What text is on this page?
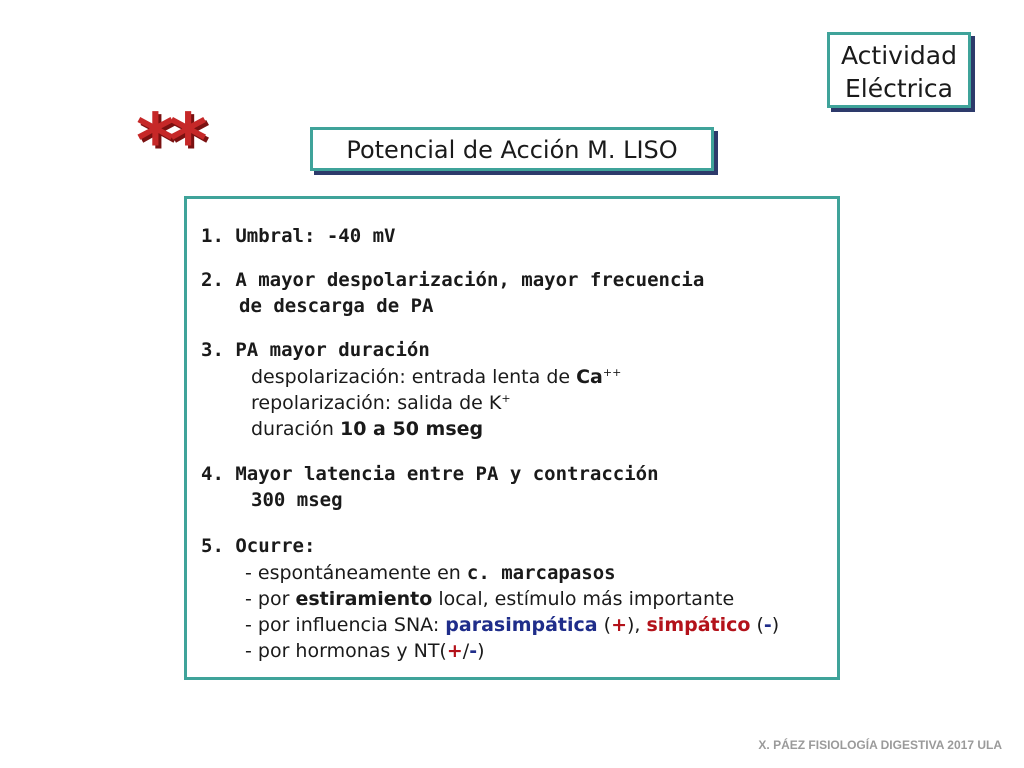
Actividad
Eléctrica
**	Potencial de Acción M. LISO
1. Umbral: -40 mV
2. A mayor despolarización, mayor frecuencia
de descarga de PA
3. PA mayor duración
despolarización: entrada lenta de Ca++
repolarización: salida de K+
duración 10 a 50 mseg
4. Mayor latencia entre PA y contracción
300 mseg
5. Ocurre:
- espontáneamente en c. marcapasos
- por estiramiento local, estímulo más importante
- por influencia SNA: parasimpática (+), simpático (-)
- por hormonas y NT(+/-)
X. PÁEZ FISIOLOGÍA DIGESTIVA 2017 ULA
